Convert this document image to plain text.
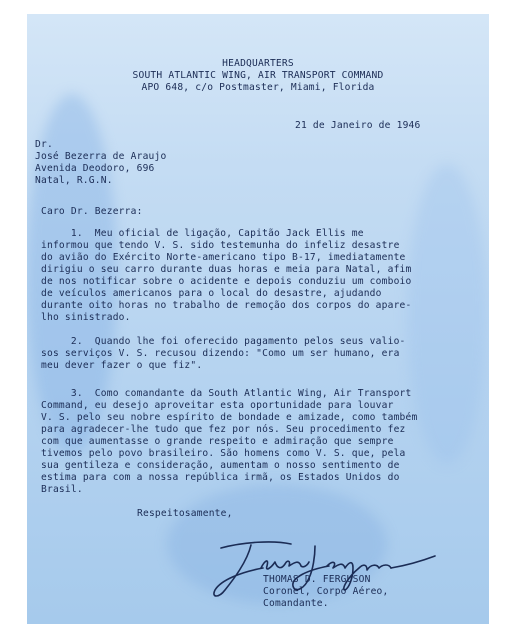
HEADQUARTERS
SOUTH ATLANTIC WING, AIR TRANSPORT COMMAND
APO 648, c/o Postmaster, Miami, Florida
21 de Janeiro de 1946
Dr.
José Bezerra de Araujo
Avenida Deodoro, 696
Natal, R.G.N.
Caro Dr. Bezerra:
1.  Meu oficial de ligação, Capitão Jack Ellis me
informou que tendo V. S. sido testemunha do infeliz desastre
do avião do Exército Norte-americano tipo B-17, imediatamente
dirigiu o seu carro durante duas horas e meia para Natal, afim
de nos notificar sobre o acidente e depois conduziu um comboio
de veículos americanos para o local do desastre, ajudando
durante oito horas no trabalho de remoção dos corpos do apare-
lho sinistrado.
2.  Quando lhe foi oferecido pagamento pelos seus valio-
sos serviços V. S. recusou dizendo: "Como um ser humano, era
meu dever fazer o que fiz".
3.  Como comandante da South Atlantic Wing, Air Transport
Command, eu desejo aproveitar esta oportunidade para louvar
V. S. pelo seu nobre espírito de bondade e amizade, como também
para agradecer-lhe tudo que fez por nós. Seu procedimento fez
com que aumentasse o grande respeito e admiração que sempre
tivemos pelo povo brasileiro. São homens como V. S. que, pela
sua gentileza e consideração, aumentam o nosso sentimento de
estima para com a nossa república irmã, os Estados Unidos do
Brasil.
Respeitosamente,
THOMAS D. FERGUSON
Coronel, Corpo Aéreo,
Comandante.
